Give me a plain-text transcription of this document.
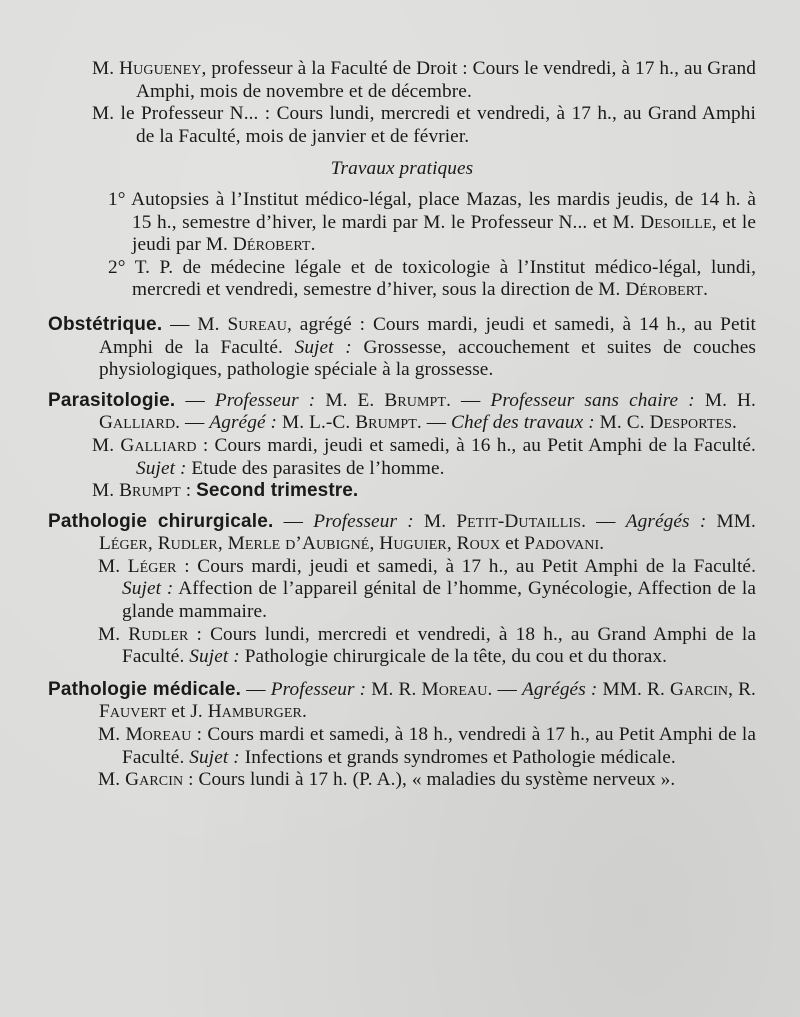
M. Hugueney, professeur à la Faculté de Droit : Cours le vendredi, à 17 h., au Grand Amphi, mois de novembre et de décembre.

M. le Professeur N... : Cours lundi, mercredi et vendredi, à 17 h., au Grand Amphi de la Faculté, mois de janvier et de février.

Travaux pratiques

1° Autopsies à l’Institut médico-légal, place Mazas, les mardis jeudis, de 14 h. à 15 h., semestre d’hiver, le mardi par M. le Professeur N... et M. Desoille, et le jeudi par M. Dérobert.

2° T. P. de médecine légale et de toxicologie à l’Institut médico-légal, lundi, mercredi et vendredi, semestre d’hiver, sous la direction de M. Dérobert.

Obstétrique. — M. Sureau, agrégé : Cours mardi, jeudi et samedi, à 14 h., au Petit Amphi de la Faculté. Sujet : Grossesse, accouchement et suites de couches physiologiques, pathologie spéciale à la grossesse.

Parasitologie. — Professeur : M. E. Brumpt. — Professeur sans chaire : M. H. Galliard. — Agrégé : M. L.-C. Brumpt. — Chef des travaux : M. C. Desportes.

M. Galliard : Cours mardi, jeudi et samedi, à 16 h., au Petit Amphi de la Faculté. Sujet : Etude des parasites de l’homme.

M. Brumpt : Second trimestre.

Pathologie chirurgicale. — Professeur : M. Petit-Dutaillis. — Agrégés : MM. Léger, Rudler, Merle d’Aubigné, Huguier, Roux et Padovani.

M. Léger : Cours mardi, jeudi et samedi, à 17 h., au Petit Amphi de la Faculté. Sujet : Affection de l’appareil génital de l’homme, Gynécologie, Affection de la glande mammaire.

M. Rudler : Cours lundi, mercredi et vendredi, à 18 h., au Grand Amphi de la Faculté. Sujet : Pathologie chirurgicale de la tête, du cou et du thorax.

Pathologie médicale. — Professeur : M. R. Moreau. — Agrégés : MM. R. Garcin, R. Fauvert et J. Hamburger.

M. Moreau : Cours mardi et samedi, à 18 h., vendredi à 17 h., au Petit Amphi de la Faculté. Sujet : Infections et grands syndromes et Pathologie médicale.

M. Garcin : Cours lundi à 17 h. (P. A.), « maladies du système nerveux ».
